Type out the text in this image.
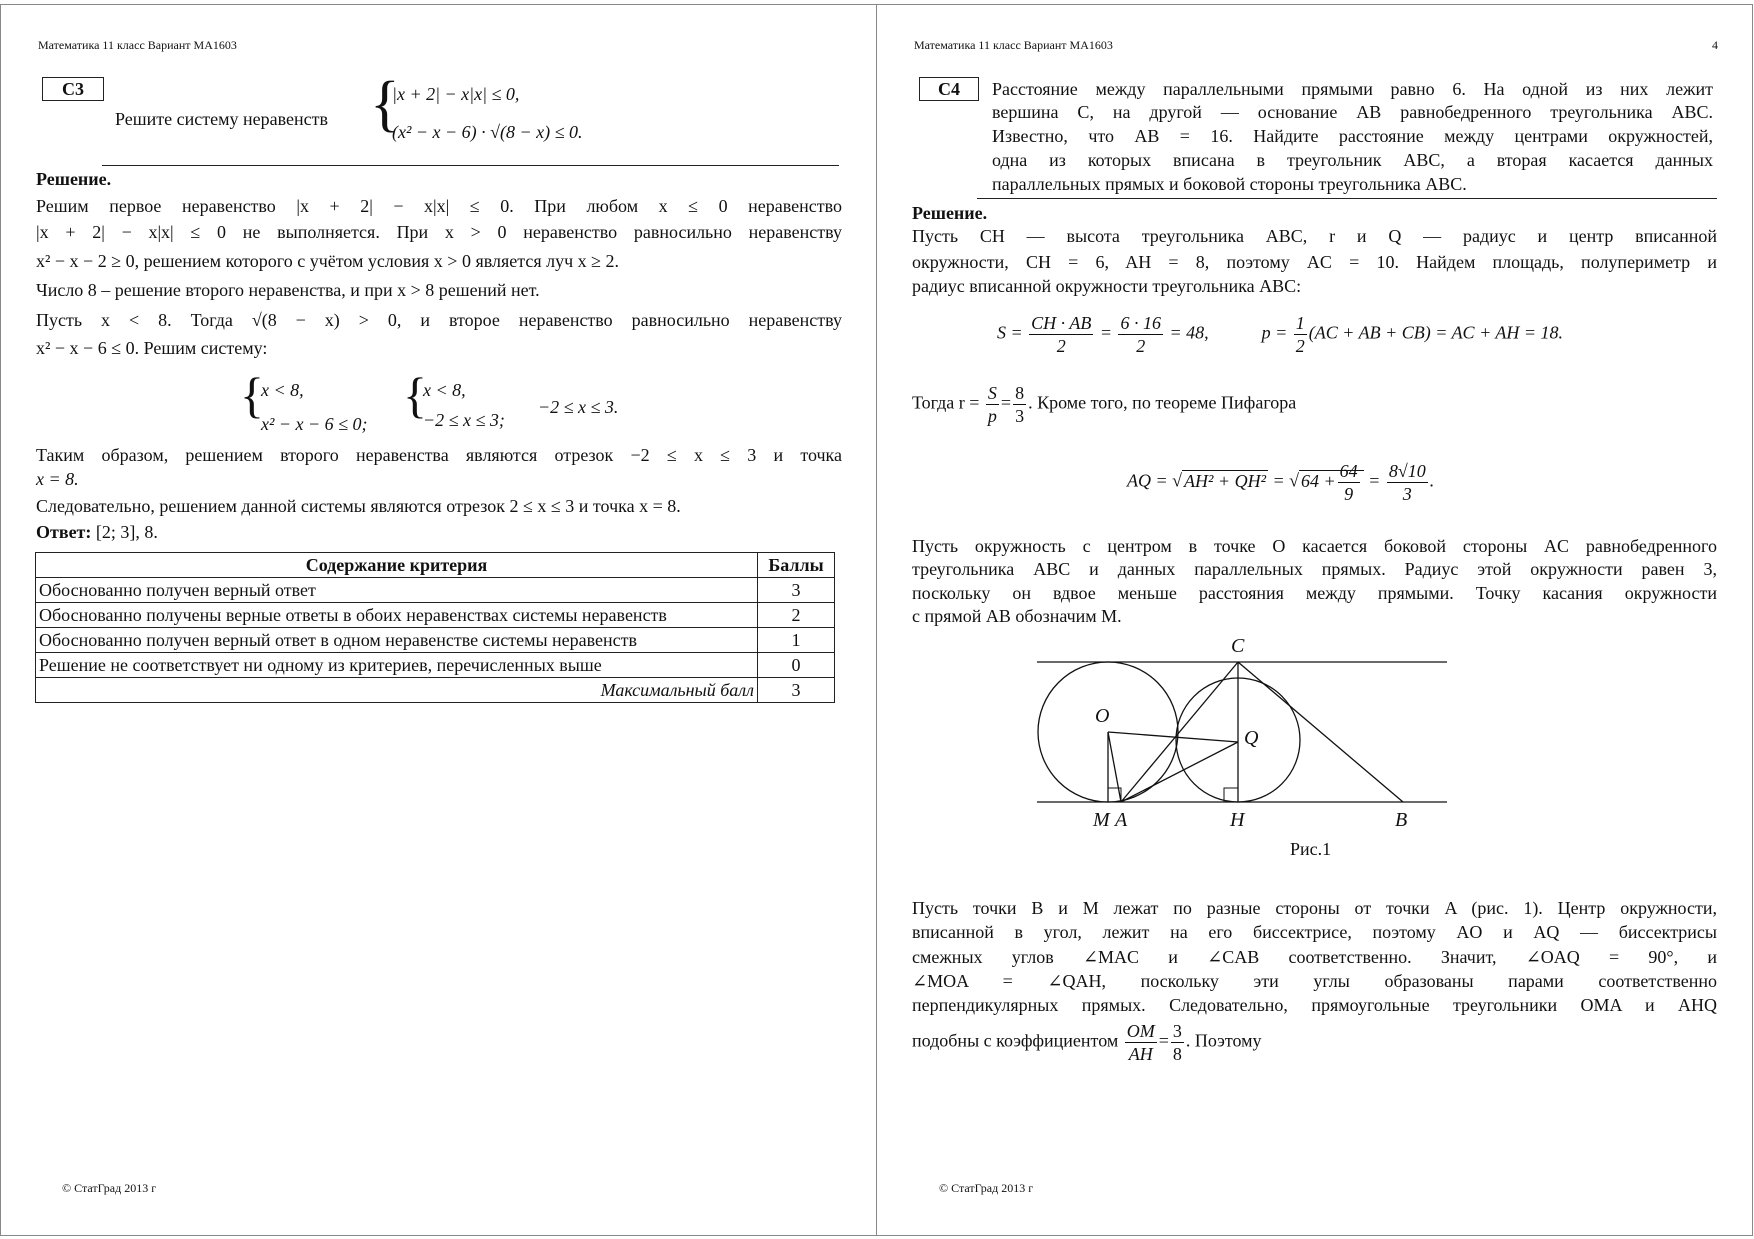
Математика 11 класс Вариант МА1603
С3
Решите систему неравенств {
|x + 2| − x|x| ≤ 0,
(x² − x − 6) · √(8 − x) ≤ 0.
Решение.
Решим первое неравенство |x + 2| − x|x| ≤ 0. При любом x ≤ 0 неравенство
|x + 2| − x|x| ≤ 0 не выполняется. При x > 0 неравенство равносильно неравенству
x² − x − 2 ≥ 0, решением которого с учётом условия x > 0 является луч x ≥ 2.
Число 8 – решение второго неравенства, и при x > 8 решений нет.
Пусть x < 8. Тогда √(8 − x) > 0, и второе неравенство равносильно неравенству
x² − x − 6 ≤ 0. Решим систему:
{
x < 8,
x² − x − 6 ≤ 0;
{
x < 8,
−2 ≤ x ≤ 3;
−2 ≤ x ≤ 3.
Таким образом, решением второго неравенства являются отрезок −2 ≤ x ≤ 3 и точка
x = 8.
Следовательно, решением данной системы являются отрезок 2 ≤ x ≤ 3 и точка x = 8.
Ответ: [2; 3], 8.
Содержание критерия	Баллы
Обоснованно получен верный ответ	3
Обоснованно получены верные ответы в обоих неравенствах системы неравенств	2
Обоснованно получен верный ответ в одном неравенстве системы неравенств	1
Решение не соответствует ни одному из критериев, перечисленных выше	0
Максимальный балл	3
© СтатГрад 2013 г
Математика 11 класс Вариант МА1603	4
С4	Расстояние между параллельными прямыми равно 6. На одной из них лежит
вершина C, на другой — основание AB равнобедренного треугольника ABC.
Известно, что AB = 16. Найдите расстояние между центрами окружностей,
одна из которых вписана в треугольник ABC, а вторая касается данных
параллельных прямых и боковой стороны треугольника ABC.
Решение.
Пусть CH — высота треугольника ABC, r и Q — радиус и центр вписанной
окружности, CH = 6, AH = 8, поэтому AC = 10. Найдем площадь, полупериметр и
радиус вписанной окружности треугольника ABC:
$S = \frac{CH \cdot AB}{2} = \frac{6 \cdot 16}{2} = 48$,	$p = \frac{1}{2} (AC$ + AB + CB) = AC + AH = 18.
Тогда $r = \frac{S}{p} = \frac{8}{3}$ . Кроме того, по теореме Пифагора
AQ = √ AH² + QH² = √ $64 + \frac{64}{9} = \frac{8√10}{3}$ .
Пусть окружность с центром в точке O касается боковой стороны AC равнобедренного
треугольника ABC и данных параллельных прямых. Радиус этой окружности равен 3,
поскольку он вдвое меньше расстояния между прямыми. Точку касания окружности
с прямой AB обозначим M.
C
O
Q
M A	H	B
Рис.1
Пусть точки B и M лежат по разные стороны от точки A (рис. 1). Центр окружности,
вписанной в угол, лежит на его биссектрисе, поэтому AO и AQ — биссектрисы
смежных углов ∠MAC и ∠CAB соответственно. Значит, ∠OAQ = 90°, и
∠MOA = ∠QAH, поскольку эти углы образованы парами соответственно
перпендикулярных прямых. Следовательно, прямоугольные треугольники OMA и AHQ
подобны с коэффициентом $\frac{OM}{AH} = \frac{3}{8}$ . Поэтому
© СтатГрад 2013 г
